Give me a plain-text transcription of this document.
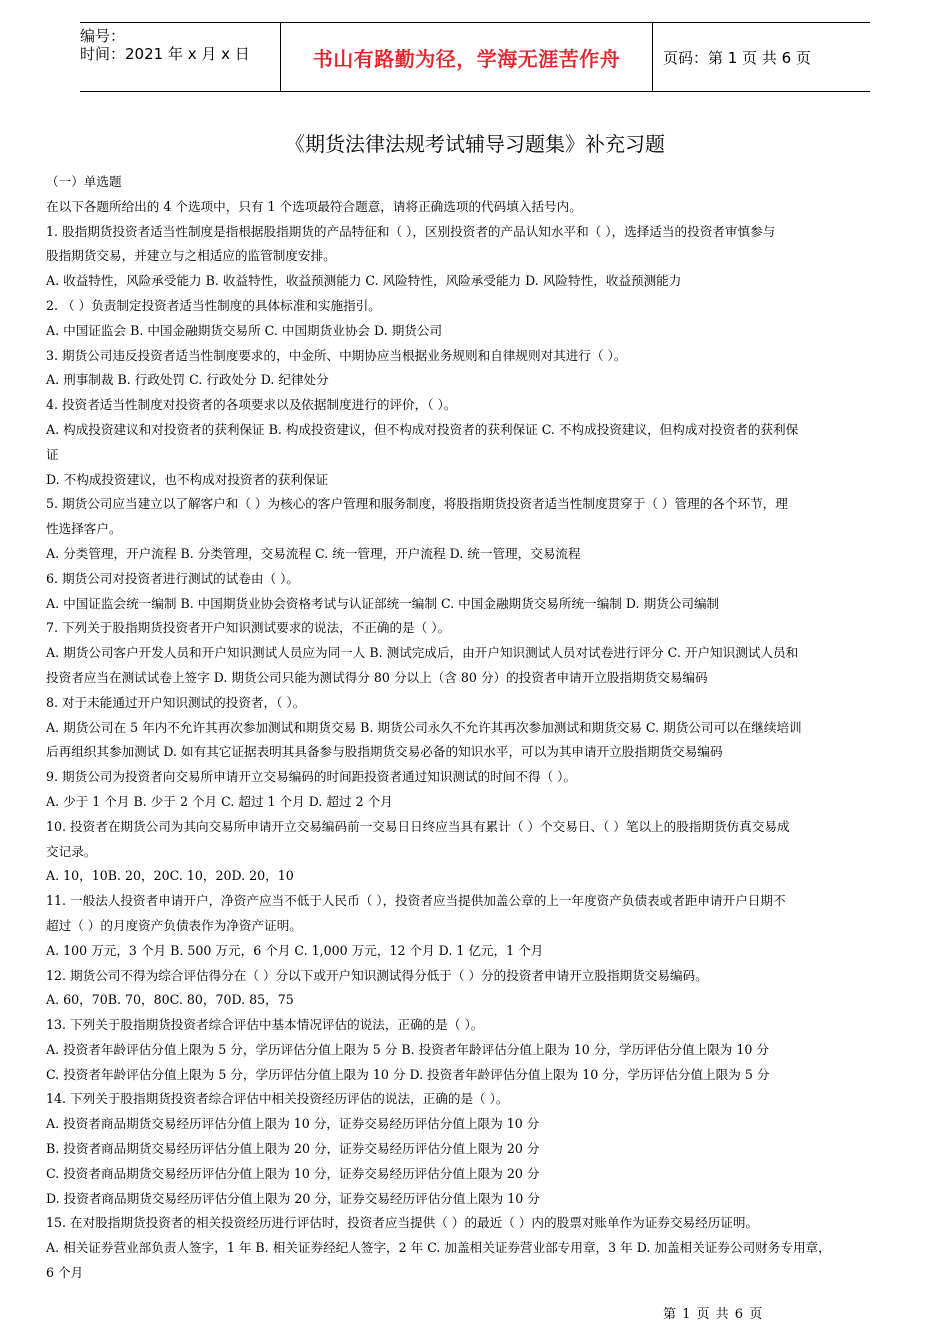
编号：
时间：2021 年 x 月 x 日	书山有路勤为径，学海无涯苦作舟	页码：第 1 页 共 6 页
《期货法律法规考试辅导习题集》补充习题

（一）单选题

在以下各题所给出的 4 个选项中，只有 1 个选项最符合题意，请将正确选项的代码填入括号内。

1. 股指期货投资者适当性制度是指根据股指期货的产品特征和（ ），区别投资者的产品认知水平和（ ），选择适当的投资者审慎参与

股指期货交易，并建立与之相适应的监管制度安排。

A. 收益特性，风险承受能力 B. 收益特性，收益预测能力 C. 风险特性，风险承受能力 D. 风险特性，收益预测能力

2. （ ）负责制定投资者适当性制度的具体标准和实施指引。

A. 中国证监会 B. 中国金融期货交易所 C. 中国期货业协会 D. 期货公司

3. 期货公司违反投资者适当性制度要求的，中金所、中期协应当根据业务规则和自律规则对其进行（ ）。

A. 刑事制裁 B. 行政处罚 C. 行政处分 D. 纪律处分

4. 投资者适当性制度对投资者的各项要求以及依据制度进行的评价，（ ）。

A. 构成投资建议和对投资者的获利保证 B. 构成投资建议，但不构成对投资者的获利保证 C. 不构成投资建议，但构成对投资者的获利保

证

D. 不构成投资建议，也不构成对投资者的获利保证

5. 期货公司应当建立以了解客户和（ ）为核心的客户管理和服务制度，将股指期货投资者适当性制度贯穿于（ ）管理的各个环节，理

性选择客户。

A. 分类管理，开户流程 B. 分类管理，交易流程 C. 统一管理，开户流程 D. 统一管理，交易流程

6. 期货公司对投资者进行测试的试卷由（ ）。

A. 中国证监会统一编制 B. 中国期货业协会资格考试与认证部统一编制 C. 中国金融期货交易所统一编制 D. 期货公司编制

7. 下列关于股指期货投资者开户知识测试要求的说法，不正确的是（ ）。

A. 期货公司客户开发人员和开户知识测试人员应为同一人 B. 测试完成后，由开户知识测试人员对试卷进行评分 C. 开户知识测试人员和

投资者应当在测试试卷上签字 D. 期货公司只能为测试得分 80 分以上（含 80 分）的投资者申请开立股指期货交易编码

8. 对于未能通过开户知识测试的投资者，（ ）。

A. 期货公司在 5 年内不允许其再次参加测试和期货交易 B. 期货公司永久不允许其再次参加测试和期货交易 C. 期货公司可以在继续培训

后再组织其参加测试 D. 如有其它证据表明其具备参与股指期货交易必备的知识水平，可以为其申请开立股指期货交易编码

9. 期货公司为投资者向交易所申请开立交易编码的时间距投资者通过知识测试的时间不得（ ）。

A. 少于 1 个月 B. 少于 2 个月 C. 超过 1 个月 D. 超过 2 个月

10. 投资者在期货公司为其向交易所申请开立交易编码前一交易日日终应当具有累计（ ）个交易日、（ ）笔以上的股指期货仿真交易成

交记录。

A. 10，10B. 20，20C. 10，20D. 20，10

11. 一般法人投资者申请开户，净资产应当不低于人民币（ ），投资者应当提供加盖公章的上一年度资产负债表或者距申请开户日期不

超过（ ）的月度资产负债表作为净资产证明。

A. 100 万元，3 个月 B. 500 万元，6 个月 C. 1,000 万元，12 个月 D. 1 亿元，1 个月

12. 期货公司不得为综合评估得分在（ ）分以下或开户知识测试得分低于（ ）分的投资者申请开立股指期货交易编码。

A. 60，70B. 70，80C. 80，70D. 85，75

13. 下列关于股指期货投资者综合评估中基本情况评估的说法，正确的是（ ）。

A. 投资者年龄评估分值上限为 5 分，学历评估分值上限为 5 分 B. 投资者年龄评估分值上限为 10 分，学历评估分值上限为 10 分

C. 投资者年龄评估分值上限为 5 分，学历评估分值上限为 10 分 D. 投资者年龄评估分值上限为 10 分，学历评估分值上限为 5 分

14. 下列关于股指期货投资者综合评估中相关投资经历评估的说法，正确的是（ ）。

A. 投资者商品期货交易经历评估分值上限为 10 分，证券交易经历评估分值上限为 10 分

B. 投资者商品期货交易经历评估分值上限为 20 分，证券交易经历评估分值上限为 20 分

C. 投资者商品期货交易经历评估分值上限为 10 分，证券交易经历评估分值上限为 20 分

D. 投资者商品期货交易经历评估分值上限为 20 分，证券交易经历评估分值上限为 10 分

15. 在对股指期货投资者的相关投资经历进行评估时，投资者应当提供（ ）的最近（ ）内的股票对账单作为证券交易经历证明。

A. 相关证券营业部负责人签字，1 年 B. 相关证券经纪人签字，2 年 C. 加盖相关证券营业部专用章，3 年 D. 加盖相关证券公司财务专用章，

6 个月

第 1 页 共 6 页
